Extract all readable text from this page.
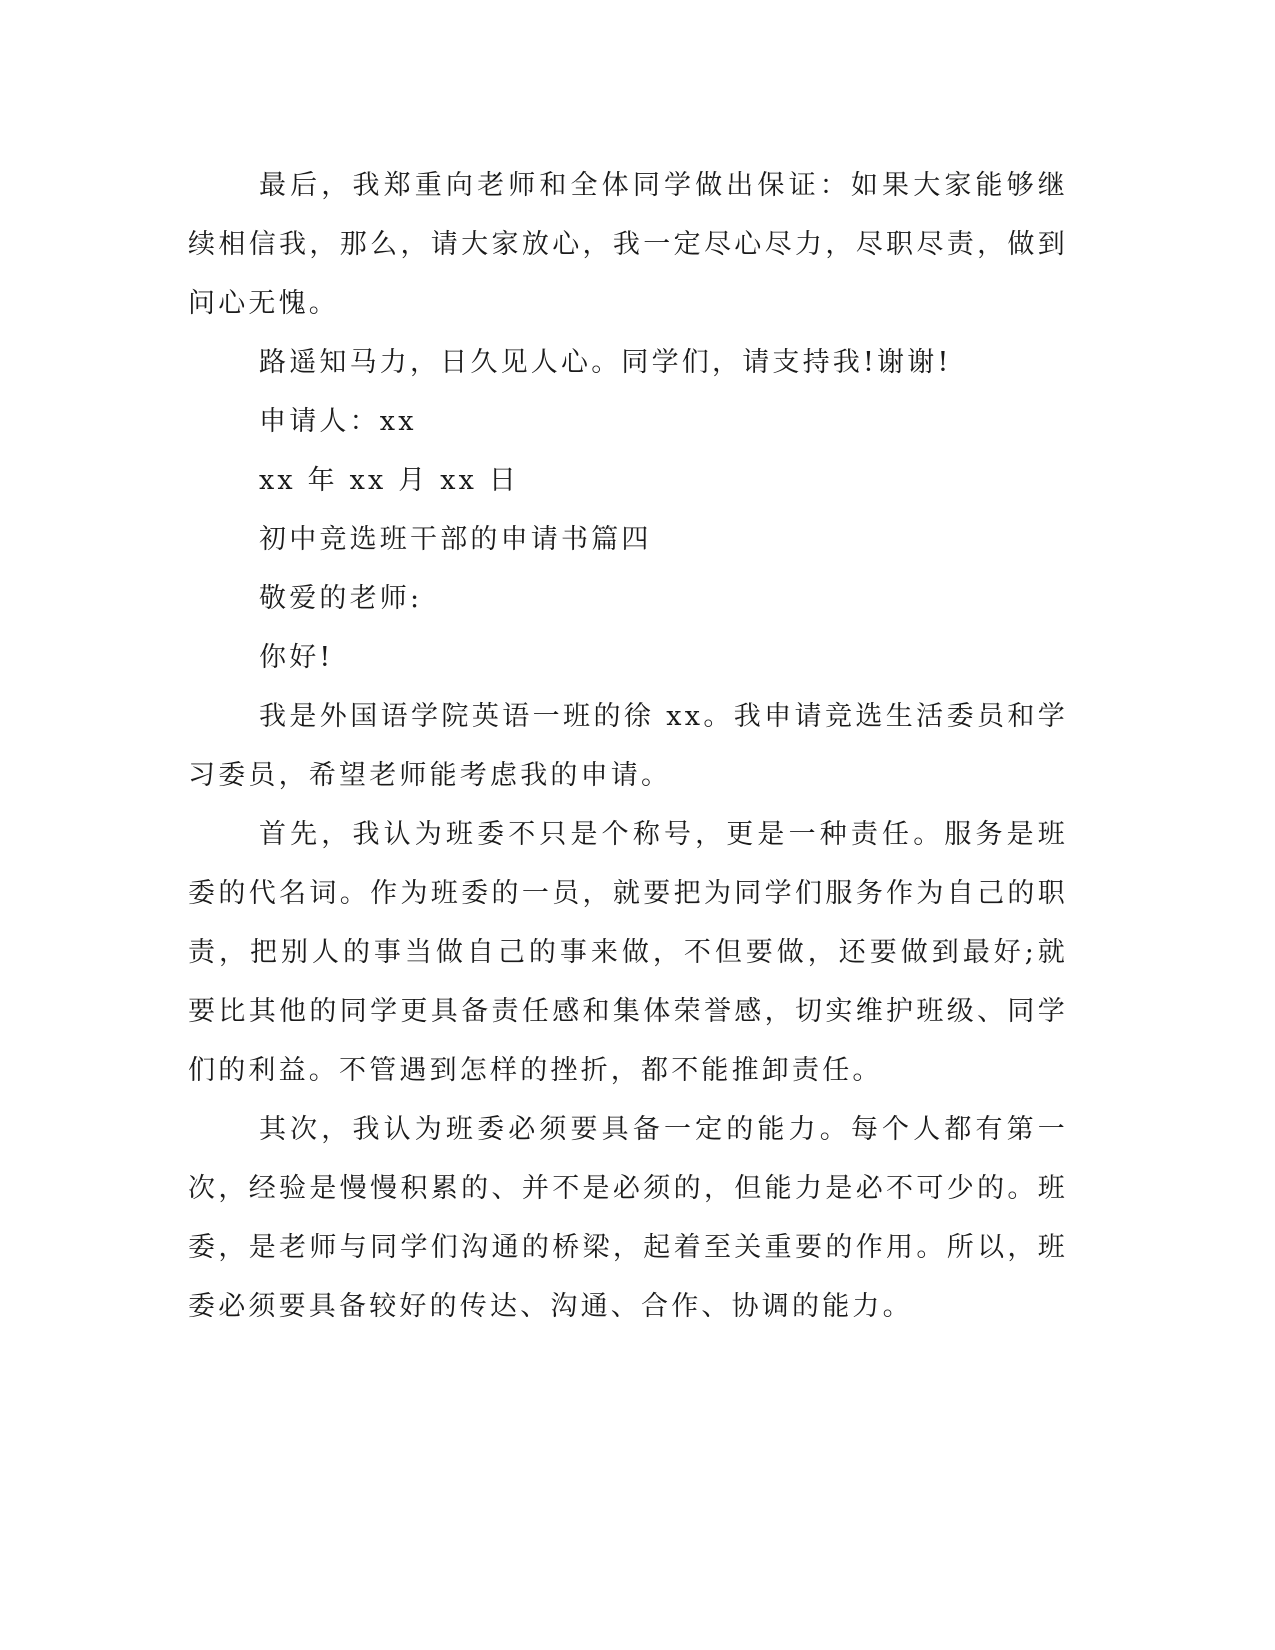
最后，我郑重向老师和全体同学做出保证：如果大家能够继续相信我，那么，请大家放心，我一定尽心尽力，尽职尽责，做到问心无愧。

路遥知马力，日久见人心。同学们，请支持我!谢谢!

申请人：xx

xx 年 xx 月 xx 日

初中竞选班干部的申请书篇四

敬爱的老师:

你好!

我是外国语学院英语一班的徐 xx。我申请竞选生活委员和学习委员，希望老师能考虑我的申请。

首先，我认为班委不只是个称号，更是一种责任。服务是班委的代名词。作为班委的一员，就要把为同学们服务作为自己的职责，把别人的事当做自己的事来做，不但要做，还要做到最好;就要比其他的同学更具备责任感和集体荣誉感，切实维护班级、同学们的利益。不管遇到怎样的挫折，都不能推卸责任。

其次，我认为班委必须要具备一定的能力。每个人都有第一次，经验是慢慢积累的、并不是必须的，但能力是必不可少的。班委，是老师与同学们沟通的桥梁，起着至关重要的作用。所以，班委必须要具备较好的传达、沟通、合作、协调的能力。
